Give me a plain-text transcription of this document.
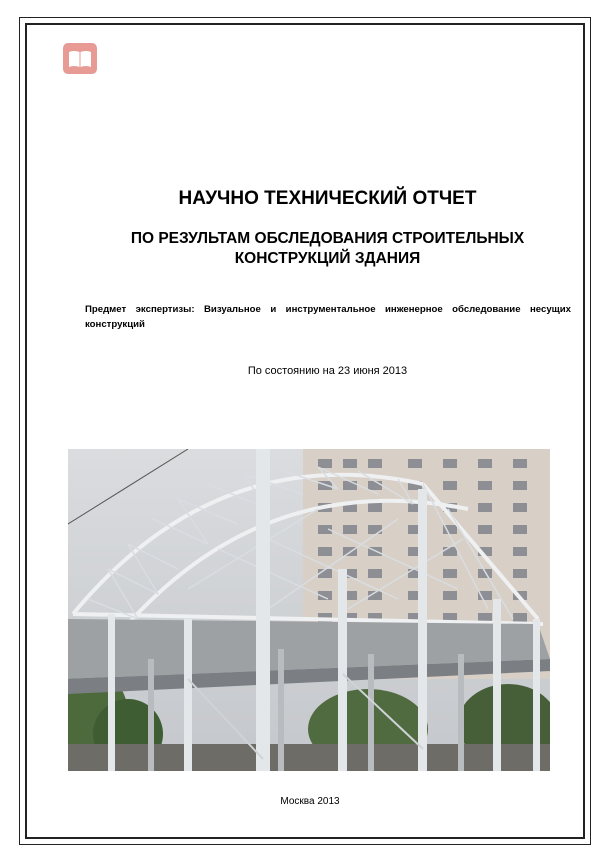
НАУЧНО ТЕХНИЧЕСКИЙ ОТЧЕТ
ПО РЕЗУЛЬТАМ ОБСЛЕДОВАНИЯ СТРОИТЕЛЬНЫХ
КОНСТРУКЦИЙ ЗДАНИЯ
Предмет экспертизы: Визуальное и инструментальное инженерное обследование несущих конструкций
По состоянию на 23 июня 2013
Москва 2013
